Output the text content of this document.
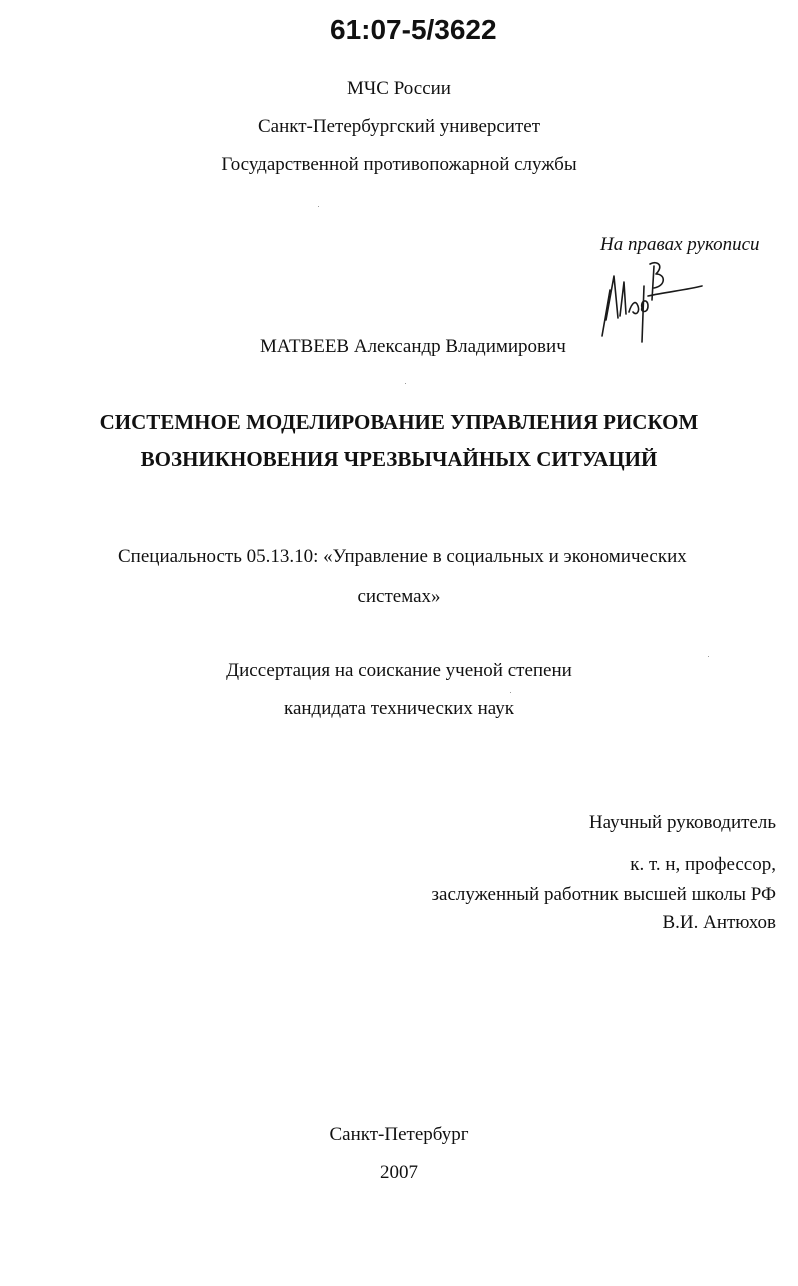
61:07-5/3622
МЧС России
Санкт-Петербургский университет
Государственной противопожарной службы
На правах рукописи
МАТВЕЕВ Александр Владимирович
СИСТЕМНОЕ МОДЕЛИРОВАНИЕ УПРАВЛЕНИЯ РИСКОМ
ВОЗНИКНОВЕНИЯ ЧРЕЗВЫЧАЙНЫХ СИТУАЦИЙ
Специальность 05.13.10: «Управление в социальных и экономических
системах»
Диссертация на соискание ученой степени
кандидата технических наук
Научный руководитель
к. т. н, профессор,
заслуженный работник высшей школы РФ
В.И. Антюхов
Санкт-Петербург
2007
